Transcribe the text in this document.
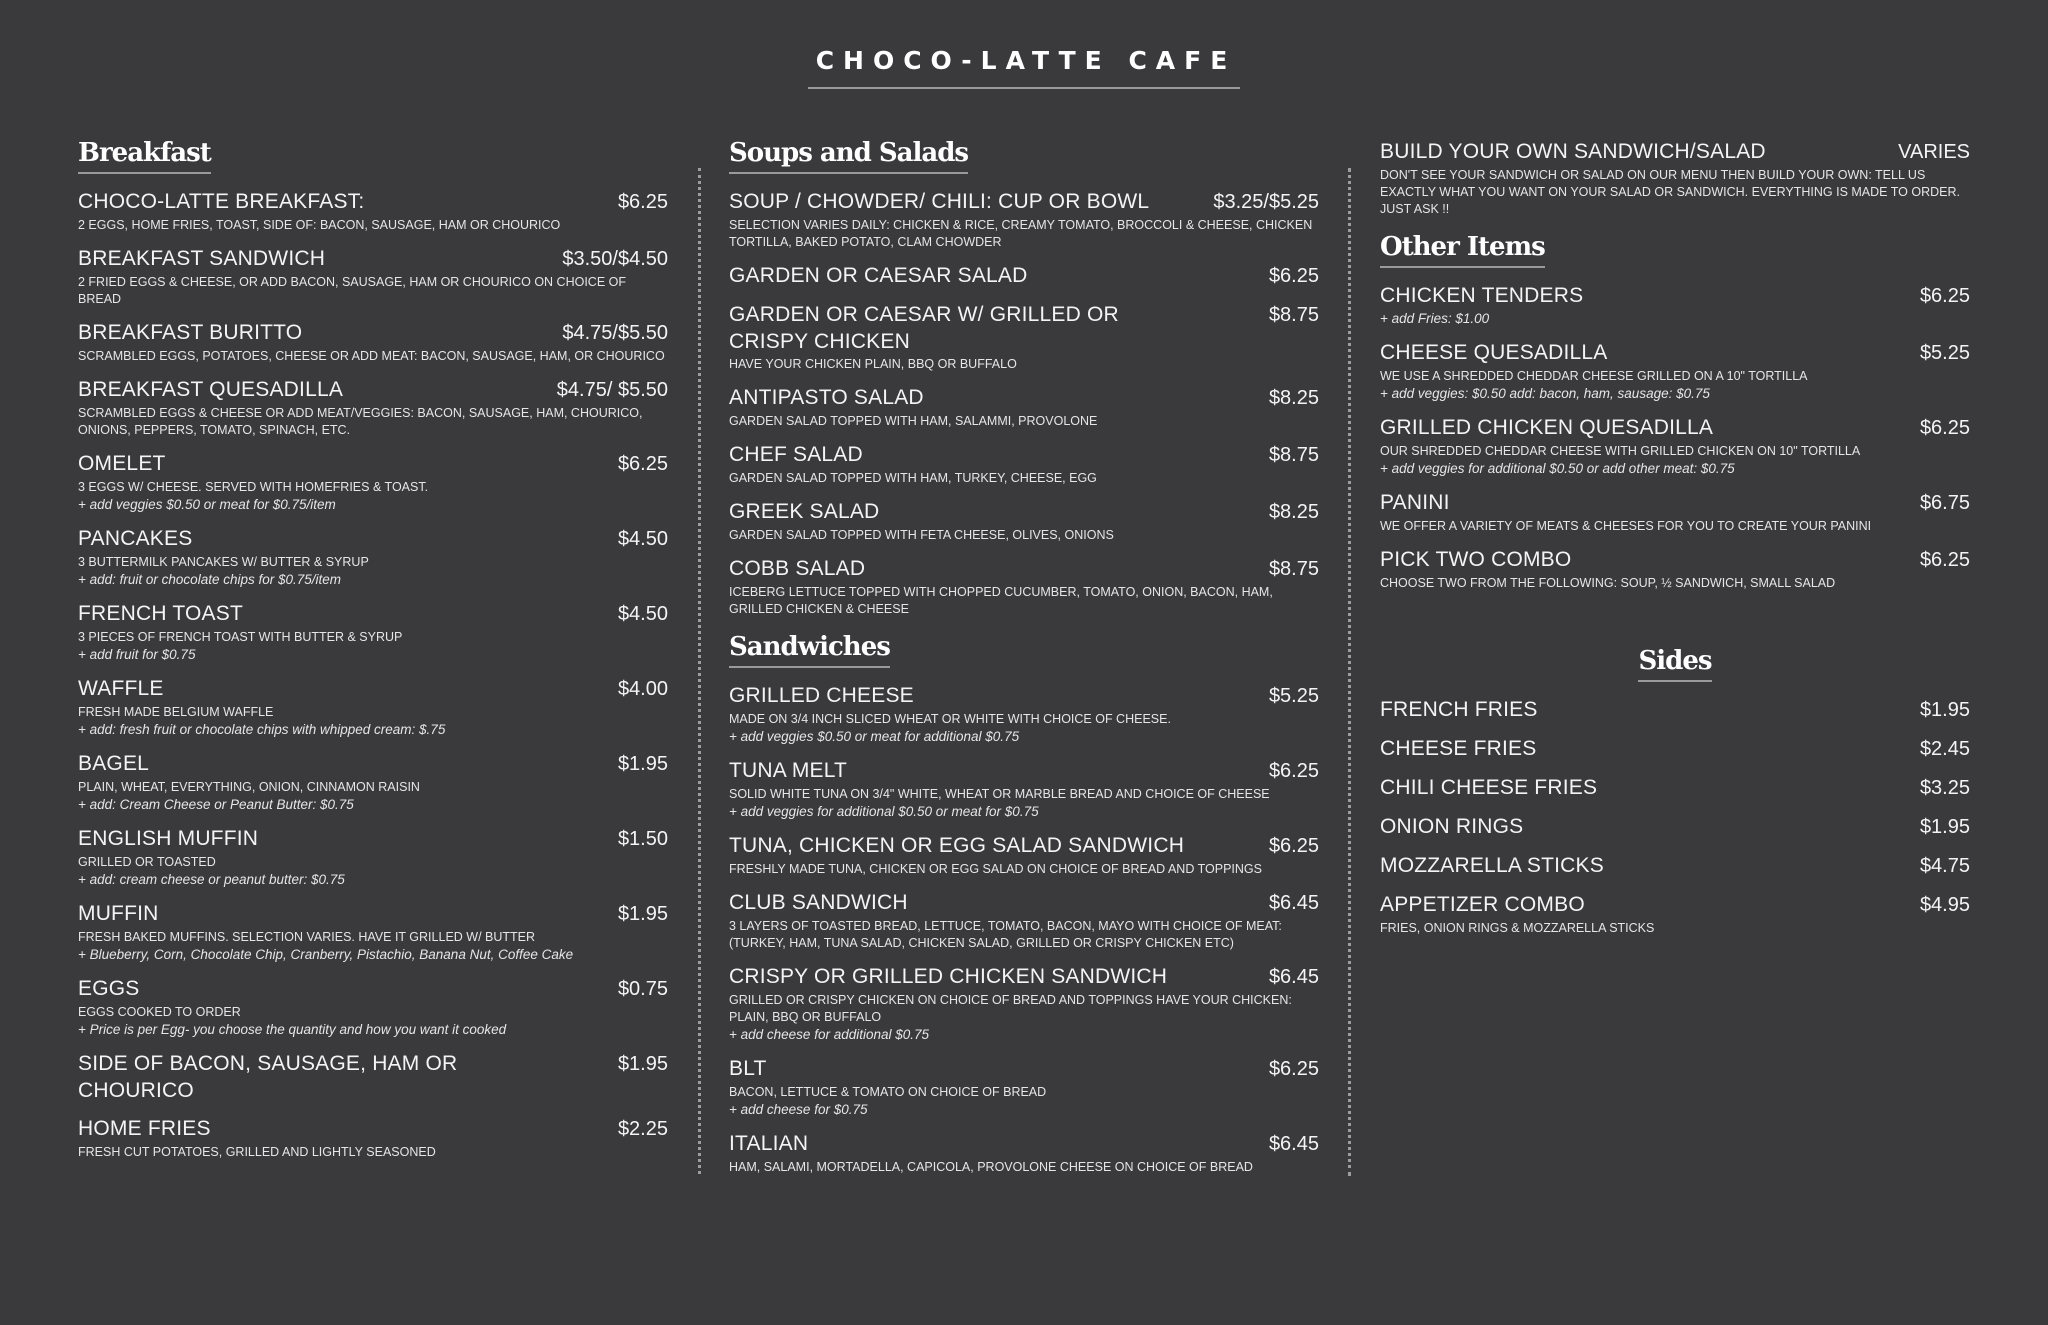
CHOCO-LATTE CAFE
Breakfast
CHOCO-LATTE BREAKFAST:	$6.25
2 EGGS, HOME FRIES, TOAST, SIDE OF: BACON, SAUSAGE, HAM OR CHOURICO
BREAKFAST SANDWICH	$3.50/$4.50
2 FRIED EGGS & CHEESE, OR ADD BACON, SAUSAGE, HAM OR CHOURICO ON CHOICE OF BREAD
BREAKFAST BURITTO	$4.75/$5.50
SCRAMBLED EGGS, POTATOES, CHEESE OR ADD MEAT: BACON, SAUSAGE, HAM, OR CHOURICO
BREAKFAST QUESADILLA	$4.75/ $5.50
SCRAMBLED EGGS & CHEESE OR ADD MEAT/VEGGIES: BACON, SAUSAGE, HAM, CHOURICO, ONIONS, PEPPERS, TOMATO, SPINACH, ETC.
OMELET	$6.25
3 EGGS W/ CHEESE. SERVED WITH HOMEFRIES & TOAST.
+ add veggies $0.50 or meat for $0.75/item
PANCAKES	$4.50
3 BUTTERMILK PANCAKES W/ BUTTER & SYRUP
+ add: fruit or chocolate chips for $0.75/item
FRENCH TOAST	$4.50
3 PIECES OF FRENCH TOAST WITH BUTTER & SYRUP
+ add fruit for $0.75
WAFFLE	$4.00
FRESH MADE BELGIUM WAFFLE
+ add: fresh fruit or chocolate chips with whipped cream: $.75
BAGEL	$1.95
PLAIN, WHEAT, EVERYTHING, ONION, CINNAMON RAISIN
+ add: Cream Cheese or Peanut Butter: $0.75
ENGLISH MUFFIN	$1.50
GRILLED OR TOASTED
+ add: cream cheese or peanut butter: $0.75
MUFFIN	$1.95
FRESH BAKED MUFFINS. SELECTION VARIES. HAVE IT GRILLED W/ BUTTER
+ Blueberry, Corn, Chocolate Chip, Cranberry, Pistachio, Banana Nut, Coffee Cake
EGGS	$0.75
EGGS COOKED TO ORDER
+ Price is per Egg- you choose the quantity and how you want it cooked
SIDE OF BACON, SAUSAGE, HAM OR CHOURICO
$1.95
HOME FRIES	$2.25
FRESH CUT POTATOES, GRILLED AND LIGHTLY SEASONED
Soups and Salads
SOUP / CHOWDER/ CHILI: CUP OR BOWL	$3.25/$5.25
SELECTION VARIES DAILY: CHICKEN & RICE, CREAMY TOMATO, BROCCOLI & CHEESE, CHICKEN TORTILLA, BAKED POTATO, CLAM CHOWDER
GARDEN OR CAESAR SALAD	$6.25
GARDEN OR CAESAR W/ GRILLED OR CRISPY CHICKEN
$8.75
HAVE YOUR CHICKEN PLAIN, BBQ OR BUFFALO
ANTIPASTO SALAD	$8.25
GARDEN SALAD TOPPED WITH HAM, SALAMMI, PROVOLONE
CHEF SALAD	$8.75
GARDEN SALAD TOPPED WITH HAM, TURKEY, CHEESE, EGG
GREEK SALAD	$8.25
GARDEN SALAD TOPPED WITH FETA CHEESE, OLIVES, ONIONS
COBB SALAD	$8.75
ICEBERG LETTUCE TOPPED WITH CHOPPED CUCUMBER, TOMATO, ONION, BACON, HAM, GRILLED CHICKEN & CHEESE
Sandwiches
GRILLED CHEESE	$5.25
MADE ON 3/4 INCH SLICED WHEAT OR WHITE WITH CHOICE OF CHEESE.
+ add veggies $0.50 or meat for additional $0.75
TUNA MELT	$6.25
SOLID WHITE TUNA ON 3/4" WHITE, WHEAT OR MARBLE BREAD AND CHOICE OF CHEESE
+ add veggies for additional $0.50 or meat for $0.75
TUNA, CHICKEN OR EGG SALAD SANDWICH	$6.25
FRESHLY MADE TUNA, CHICKEN OR EGG SALAD ON CHOICE OF BREAD AND TOPPINGS
CLUB SANDWICH	$6.45
3 LAYERS OF TOASTED BREAD, LETTUCE, TOMATO, BACON, MAYO WITH CHOICE OF MEAT: (TURKEY, HAM, TUNA SALAD, CHICKEN SALAD, GRILLED OR CRISPY CHICKEN ETC)
CRISPY OR GRILLED CHICKEN SANDWICH	$6.45
GRILLED OR CRISPY CHICKEN ON CHOICE OF BREAD AND TOPPINGS HAVE YOUR CHICKEN: PLAIN, BBQ OR BUFFALO
+ add cheese for additional $0.75
BLT	$6.25
BACON, LETTUCE & TOMATO ON CHOICE OF BREAD
+ add cheese for $0.75
ITALIAN	$6.45
HAM, SALAMI, MORTADELLA, CAPICOLA, PROVOLONE CHEESE ON CHOICE OF BREAD
BUILD YOUR OWN SANDWICH/SALAD	VARIES
DON'T SEE YOUR SANDWICH OR SALAD ON OUR MENU THEN BUILD YOUR OWN: TELL US EXACTLY WHAT YOU WANT ON YOUR SALAD OR SANDWICH. EVERYTHING IS MADE TO ORDER. JUST ASK !!
Other Items
CHICKEN TENDERS	$6.25
+ add Fries: $1.00
CHEESE QUESADILLA	$5.25
WE USE A SHREDDED CHEDDAR CHEESE GRILLED ON A 10" TORTILLA
+ add veggies: $0.50 add: bacon, ham, sausage: $0.75
GRILLED CHICKEN QUESADILLA	$6.25
OUR SHREDDED CHEDDAR CHEESE WITH GRILLED CHICKEN ON 10" TORTILLA
+ add veggies for additional $0.50 or add other meat: $0.75
PANINI	$6.75
WE OFFER A VARIETY OF MEATS & CHEESES FOR YOU TO CREATE YOUR PANINI
PICK TWO COMBO	$6.25
CHOOSE TWO FROM THE FOLLOWING: SOUP, ½ SANDWICH, SMALL SALAD
Sides
FRENCH FRIES	$1.95
CHEESE FRIES	$2.45
CHILI CHEESE FRIES	$3.25
ONION RINGS	$1.95
MOZZARELLA STICKS	$4.75
APPETIZER COMBO	$4.95
FRIES, ONION RINGS & MOZZARELLA STICKS
